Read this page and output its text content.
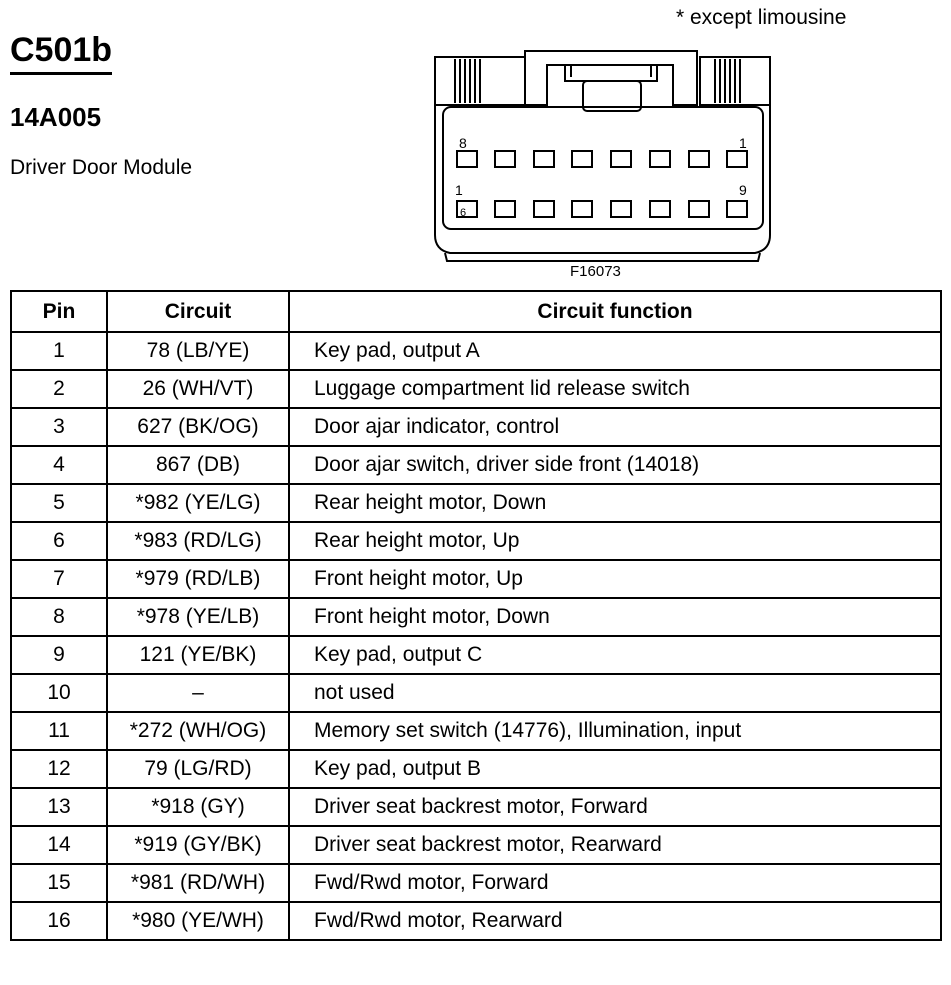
C501b
14A005
Driver Door Module
* except limousine
8	1
1	9
6
F16073
Pin	Circuit	Circuit function
1	78 (LB/YE)	Key pad, output A
2	26 (WH/VT)	Luggage compartment lid release switch
3	627 (BK/OG)	Door ajar indicator, control
4	867 (DB)	Door ajar switch, driver side front (14018)
5	*982 (YE/LG)	Rear height motor, Down
6	*983 (RD/LG)	Rear height motor, Up
7	*979 (RD/LB)	Front height motor, Up
8	*978 (YE/LB)	Front height motor, Down
9	121 (YE/BK)	Key pad, output C
10	–	not used
11	*272 (WH/OG)	Memory set switch (14776), Illumination, input
12	79 (LG/RD)	Key pad, output B
13	*918 (GY)	Driver seat backrest motor, Forward
14	*919 (GY/BK)	Driver seat backrest motor, Rearward
15	*981 (RD/WH)	Fwd/Rwd motor, Forward
16	*980 (YE/WH)	Fwd/Rwd motor, Rearward
